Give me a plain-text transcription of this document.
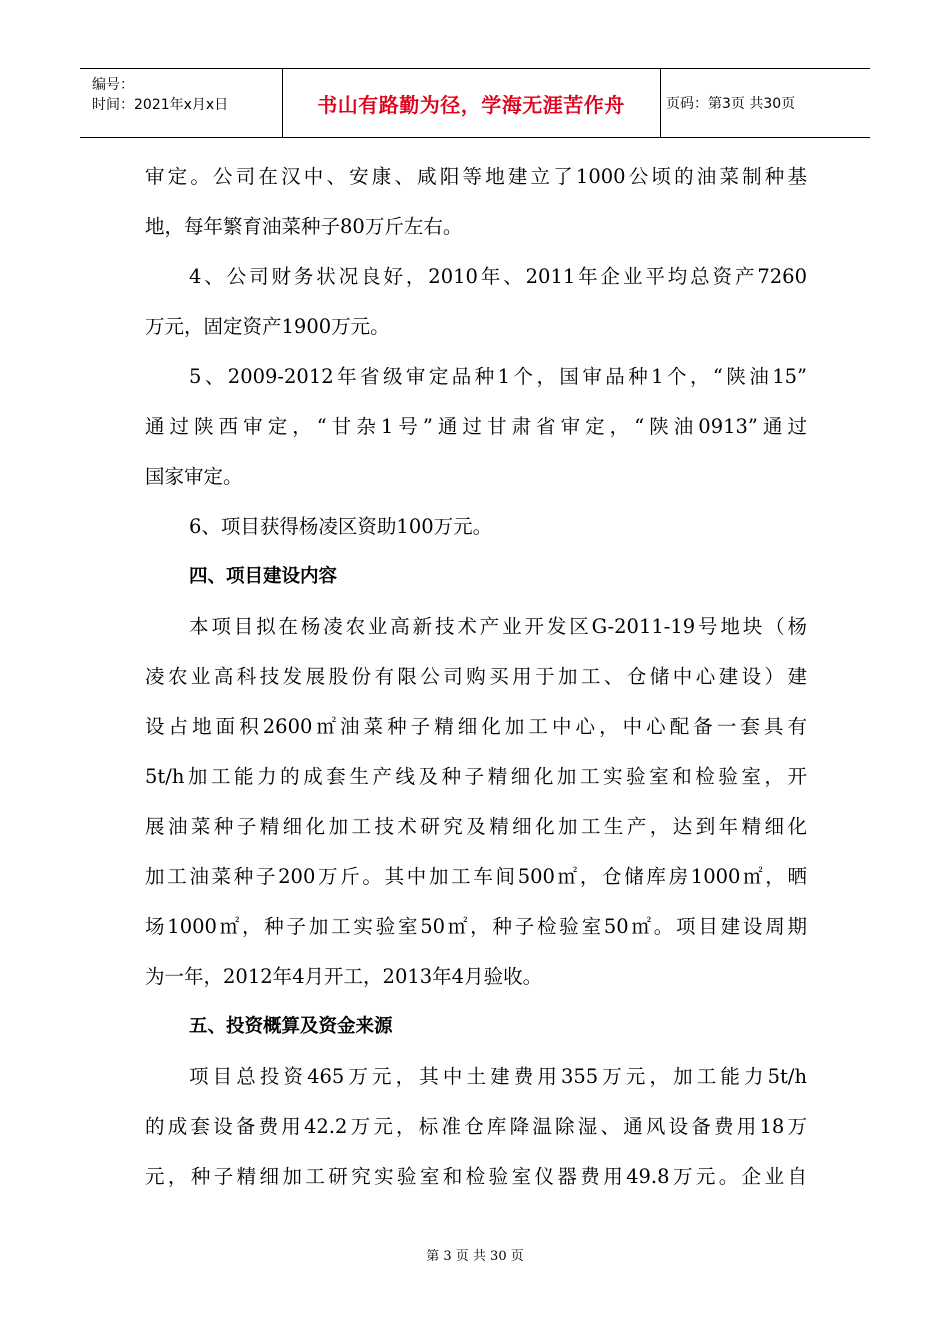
编号：
时间：2021年x月x日	书山有路勤为径，学海无涯苦作舟	页码：第3页 共30页
审定。公司在汉中、安康、咸阳等地建立了1000公顷的油菜制种基
地，每年繁育油菜种子80万斤左右。
4、公司财务状况良好，2010年、2011年企业平均总资产7260
万元，固定资产1900万元。
5、2009-2012年省级审定品种1个，国审品种1个，“陕油15”
通过陕西审定，“甘杂1号”通过甘肃省审定，“陕油0913”通过
国家审定。
6、项目获得杨凌区资助100万元。
四、项目建设内容
本项目拟在杨凌农业高新技术产业开发区G-2011-19号地块（杨
凌农业高科技发展股份有限公司购买用于加工、仓储中心建设）建
设占地面积2600㎡油菜种子精细化加工中心，中心配备一套具有
5t/h加工能力的成套生产线及种子精细化加工实验室和检验室，开
展油菜种子精细化加工技术研究及精细化加工生产，达到年精细化
加工油菜种子200万斤。其中加工车间500㎡，仓储库房1000㎡，晒
场1000㎡，种子加工实验室50㎡，种子检验室50㎡。项目建设周期
为一年，2012年4月开工，2013年4月验收。
五、投资概算及资金来源
项目总投资465万元，其中土建费用355万元，加工能力5t/h
的成套设备费用42.2万元，标准仓库降温除湿、通风设备费用18万
元，种子精细加工研究实验室和检验室仪器费用49.8万元。企业自
第 3 页 共 30 页
